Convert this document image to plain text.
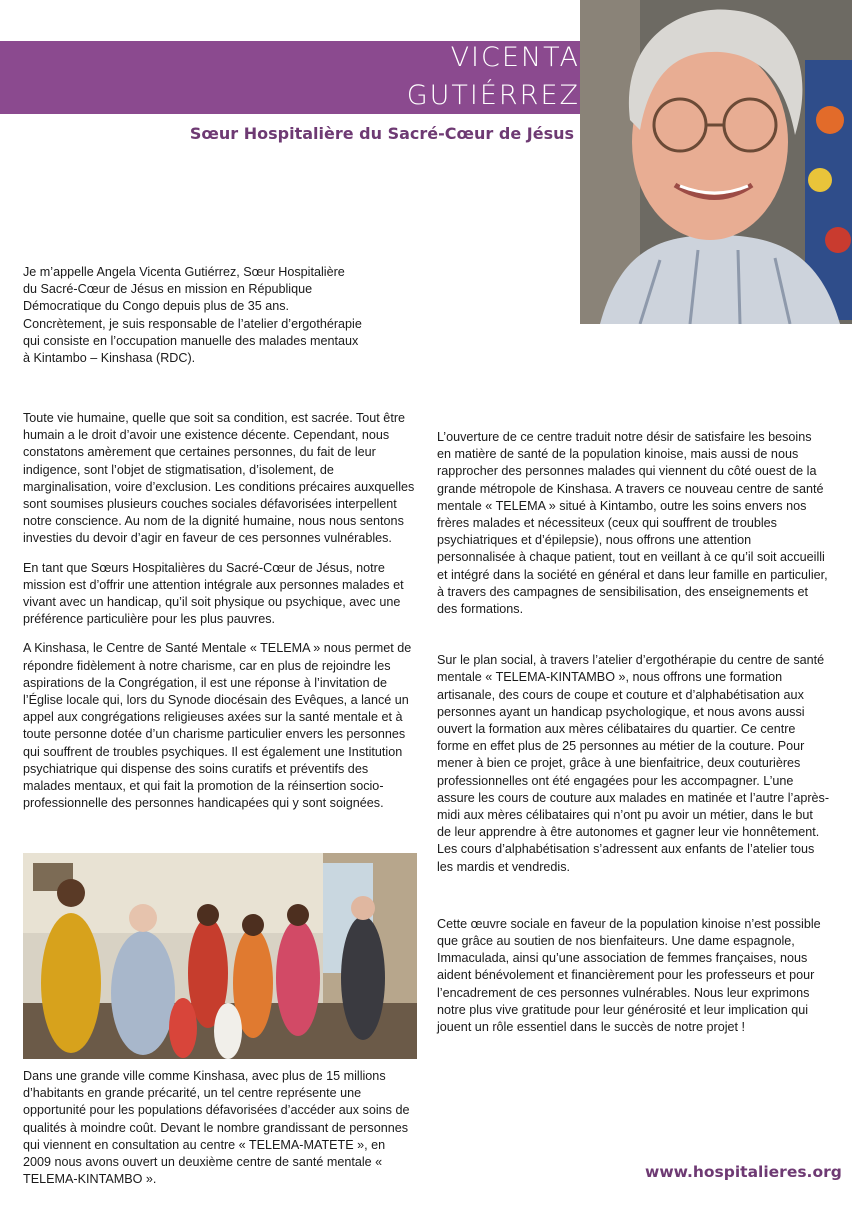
VICENTA
GUTIÉRREZ
Sœur Hospitalière du Sacré-Cœur de Jésus
Je m’appelle Angela Vicenta Gutiérrez, Sœur Hospitalière
du Sacré-Cœur de Jésus en mission en République
Démocratique du Congo depuis plus de 35 ans.
Concrètement, je suis responsable de l’atelier d’ergothérapie
qui consiste en l’occupation manuelle des malades mentaux
à Kintambo – Kinshasa (RDC).

Toute vie humaine, quelle que soit sa condition, est sacrée. Tout être humain a le droit d’avoir une existence décente. Cependant, nous constatons amèrement que certaines personnes, du fait de leur indigence, sont l’objet de stigmatisation, d’isolement, de marginalisation, voire d’exclusion. Les conditions précaires auxquelles sont soumises plusieurs couches sociales défavorisées interpellent notre conscience. Au nom de la dignité humaine, nous nous sentons investies du devoir d’agir en faveur de ces personnes vulnérables.

En tant que Sœurs Hospitalières du Sacré-Cœur de Jésus, notre mission est d’offrir une attention intégrale aux personnes malades et vivant avec un handicap, qu’il soit physique ou psychique, avec une préférence particulière pour les plus pauvres.

A Kinshasa, le Centre de Santé Mentale « TELEMA » nous permet de répondre fidèlement à notre charisme, car en plus de rejoindre les aspirations de la Congrégation, il est une réponse à l’invitation de l’Église locale qui, lors du Synode diocésain des Evêques, a lancé un appel aux congrégations religieuses axées sur la santé mentale et à toute personne dotée d’un charisme particulier envers les personnes qui souffrent de troubles psychiques. Il est également une Institution psychiatrique qui dispense des soins curatifs et préventifs des malades mentaux, et qui fait la promotion de la réinsertion socio-professionnelle des personnes handicapées qui y sont soignées.

Dans une grande ville comme Kinshasa, avec plus de 15 millions d’habitants en grande précarité, un tel centre représente une opportunité pour les populations défavorisées d’accéder aux soins de qualités à moindre coût. Devant le nombre grandissant de personnes qui viennent en consultation au centre « TELEMA-MATETE », en 2009 nous avons ouvert un deuxième centre de santé mentale « TELEMA-KINTAMBO ».

L’ouverture de ce centre traduit notre désir de satisfaire les besoins en matière de santé de la population kinoise, mais aussi de nous rapprocher des personnes malades qui viennent du côté ouest de la grande métropole de Kinshasa. A travers ce nouveau centre de santé mentale « TELEMA » situé à Kintambo, outre les soins envers nos frères malades et nécessiteux (ceux qui souffrent de troubles psychiatriques et d’épilepsie), nous offrons une attention personnalisée à chaque patient, tout en veillant à ce qu’il soit accueilli et intégré dans la société en général et dans leur famille en particulier, à travers des campagnes de sensibilisation, des enseignements et des formations.

Sur le plan social, à travers l’atelier d’ergothérapie du centre de santé mentale « TELEMA-KINTAMBO », nous offrons une formation artisanale, des cours de coupe et couture et d’alphabétisation aux personnes ayant un handicap psychologique, et nous avons aussi ouvert la formation aux mères célibataires du quartier. Ce centre forme en effet plus de 25 personnes au métier de la couture. Pour mener à bien ce projet, grâce à une bienfaitrice, deux couturières professionnelles ont été engagées pour les accompagner. L’une assure les cours de couture aux malades en matinée et l’autre l’après-midi aux mères célibataires qui n’ont pu avoir un métier, dans le but de leur apprendre à être autonomes et gagner leur vie honnêtement. Les cours d’alphabétisation s’adressent aux enfants de l’atelier tous les mardis et vendredis.

Cette œuvre sociale en faveur de la population kinoise n’est possible que grâce au soutien de nos bienfaiteurs. Une dame espagnole, Immaculada, ainsi qu’une association de femmes françaises, nous aident bénévolement et financièrement pour les professeurs et pour l’encadrement de ces personnes vulnérables. Nous leur exprimons notre plus vive gratitude pour leur générosité et leur implication qui jouent un rôle essentiel dans le succès de notre projet !

www.hospitalieres.org
